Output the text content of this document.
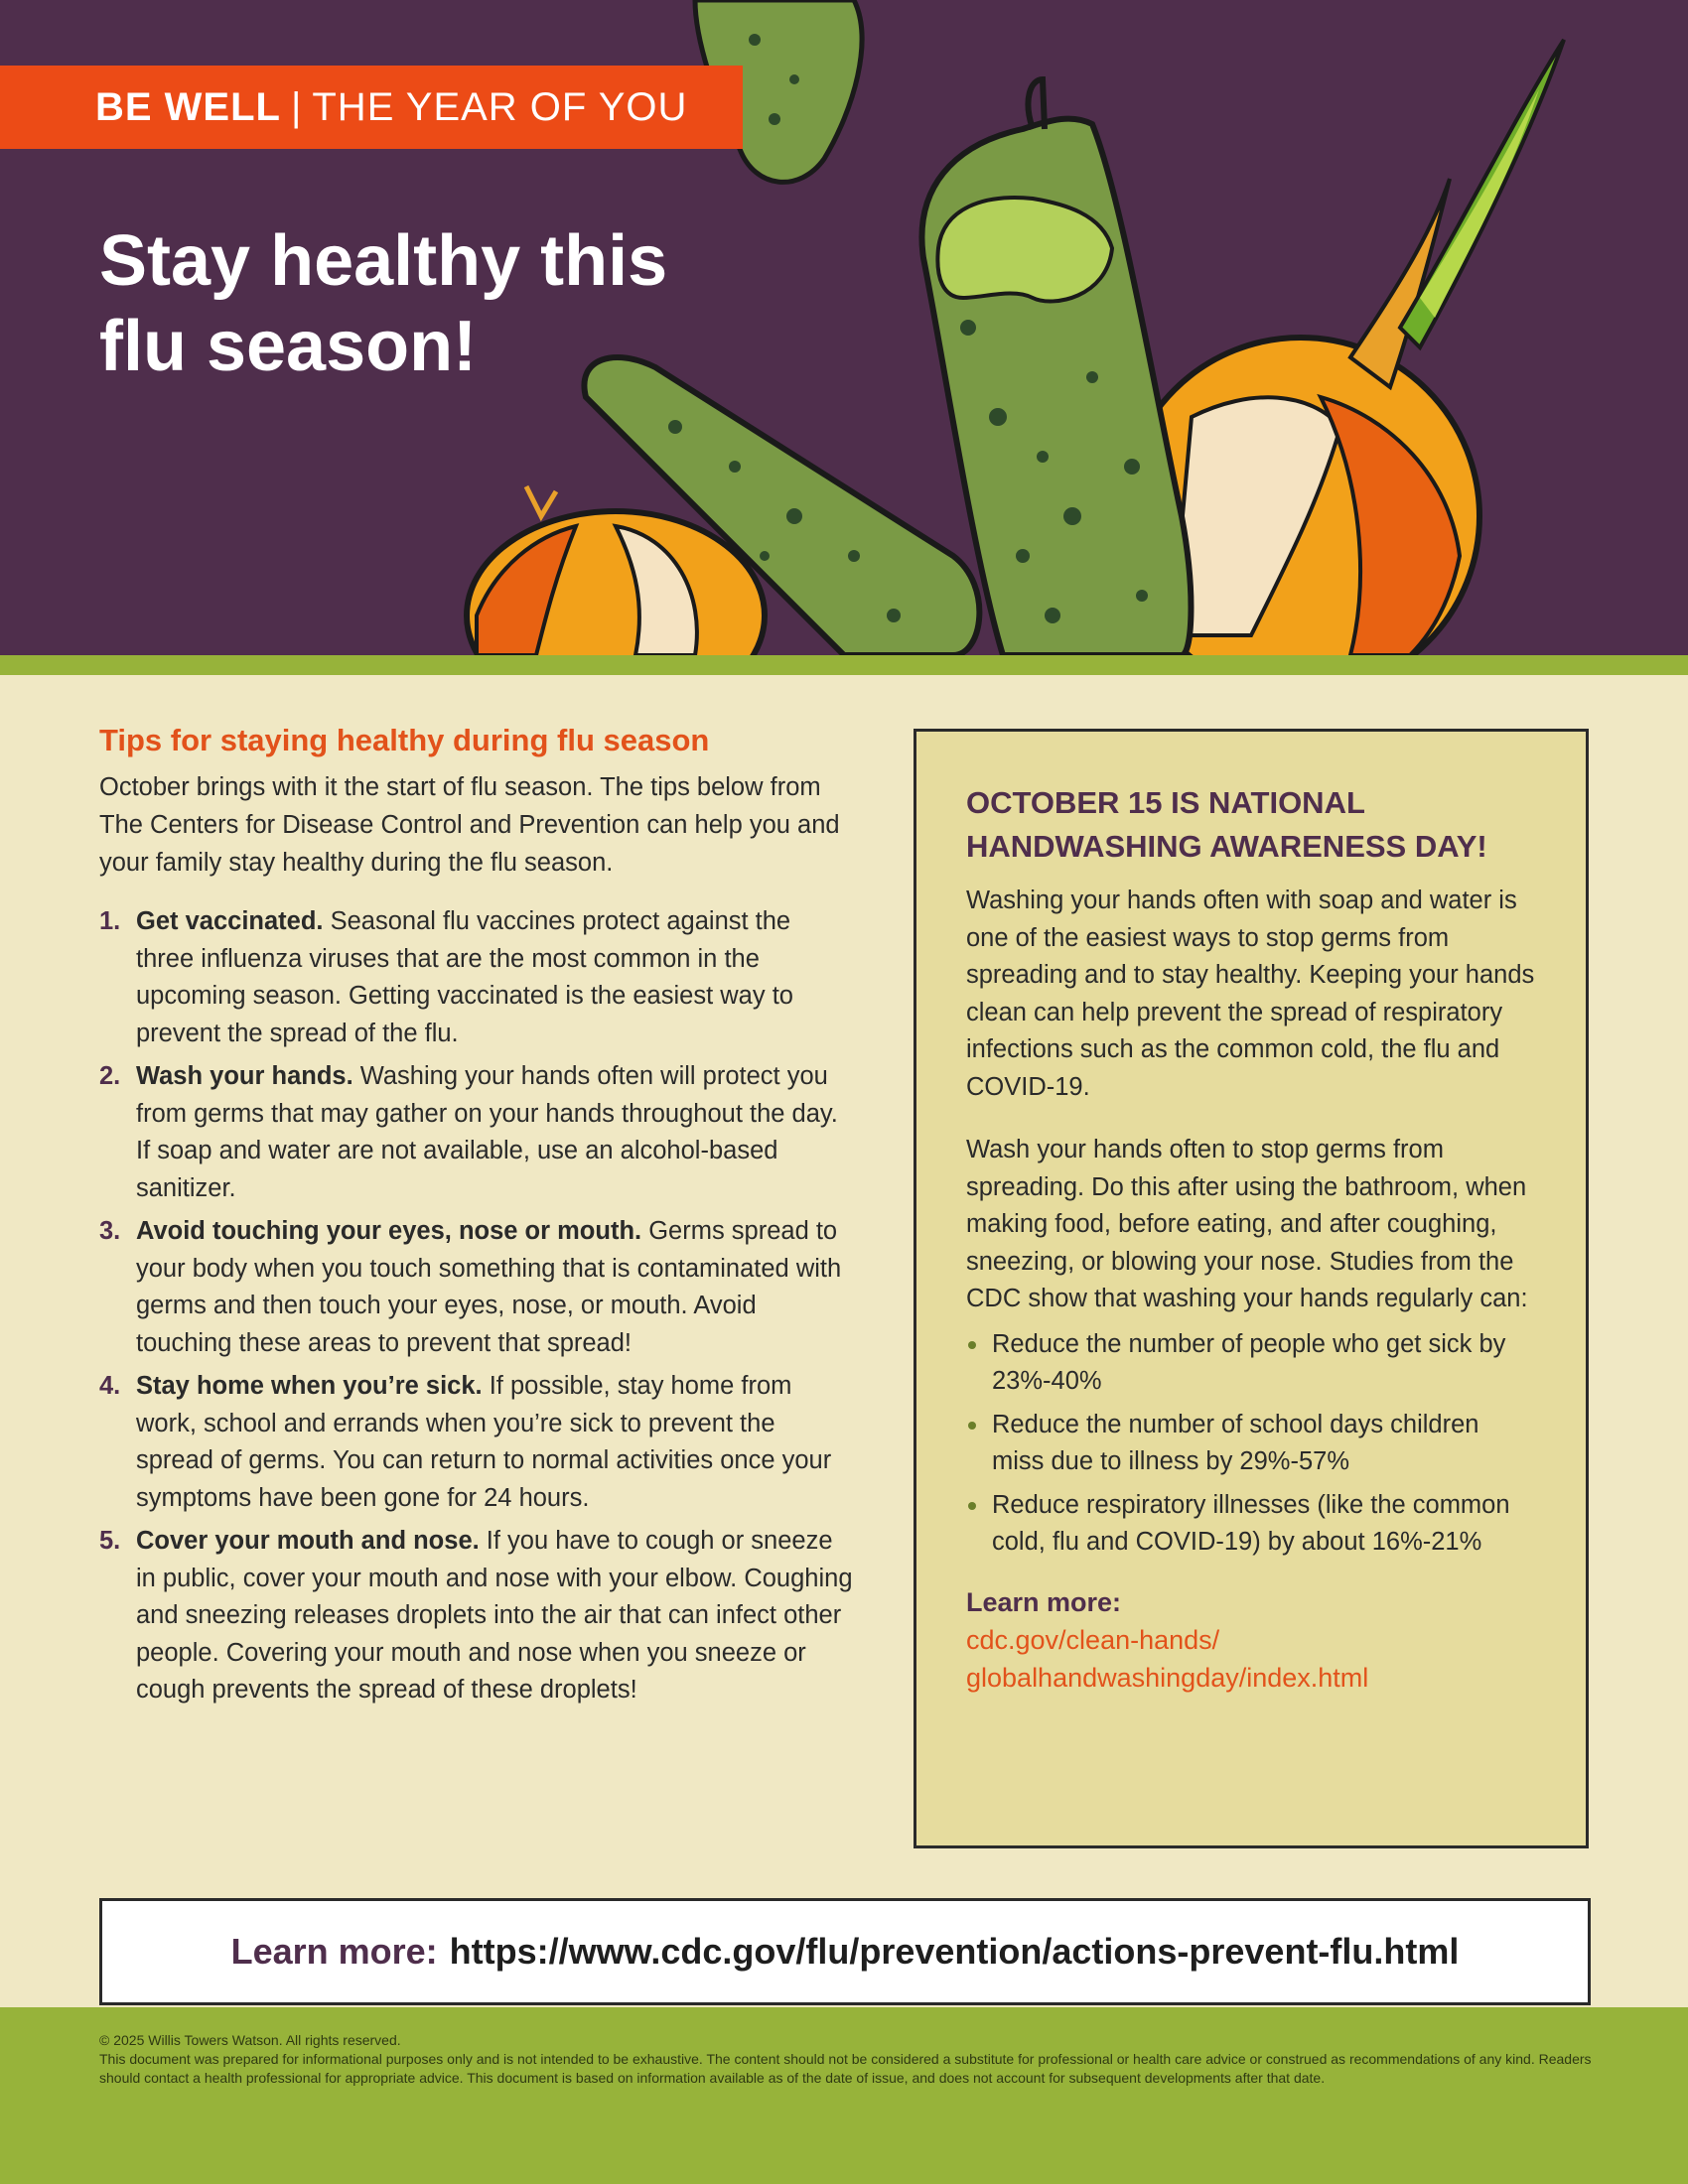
BE WELL | THE YEAR OF YOU
Stay healthy this flu season!
Tips for staying healthy during flu season

October brings with it the start of flu season. The tips below from The Centers for Disease Control and Prevention can help you and your family stay healthy during the flu season.

1. Get vaccinated. Seasonal flu vaccines protect against the three influenza viruses that are the most common in the upcoming season. Getting vaccinated is the easiest way to prevent the spread of the flu.
2. Wash your hands. Washing your hands often will protect you from germs that may gather on your hands throughout the day. If soap and water are not available, use an alcohol-based sanitizer.
3. Avoid touching your eyes, nose or mouth. Germs spread to your body when you touch something that is contaminated with germs and then touch your eyes, nose, or mouth. Avoid touching these areas to prevent that spread!
4. Stay home when you’re sick. If possible, stay home from work, school and errands when you’re sick to prevent the spread of germs. You can return to normal activities once your symptoms have been gone for 24 hours.
5. Cover your mouth and nose. If you have to cough or sneeze in public, cover your mouth and nose with your elbow. Coughing and sneezing releases droplets into the air that can infect other people. Covering your mouth and nose when you sneeze or cough prevents the spread of these droplets!
OCTOBER 15 IS NATIONAL HANDWASHING AWARENESS DAY!

Washing your hands often with soap and water is one of the easiest ways to stop germs from spreading and to stay healthy. Keeping your hands clean can help prevent the spread of respiratory infections such as the common cold, the flu and COVID-19.

Wash your hands often to stop germs from spreading. Do this after using the bathroom, when making food, before eating, and after coughing, sneezing, or blowing your nose. Studies from the CDC show that washing your hands regularly can:

Reduce the number of people who get sick by 23%-40%
Reduce the number of school days children miss due to illness by 29%-57%
Reduce respiratory illnesses (like the common cold, flu and COVID-19) by about 16%-21%

Learn more:

cdc.gov/clean-hands/

globalhandwashingday/index.html

Learn more: https://www.cdc.gov/flu/prevention/actions-prevent-flu.html

© 2025 Willis Towers Watson. All rights reserved.

This document was prepared for informational purposes only and is not intended to be exhaustive. The content should not be considered a substitute for professional or health care advice or construed as recommendations of any kind. Readers should contact a health professional for appropriate advice. This document is based on information available as of the date of issue, and does not account for subsequent developments after that date.
